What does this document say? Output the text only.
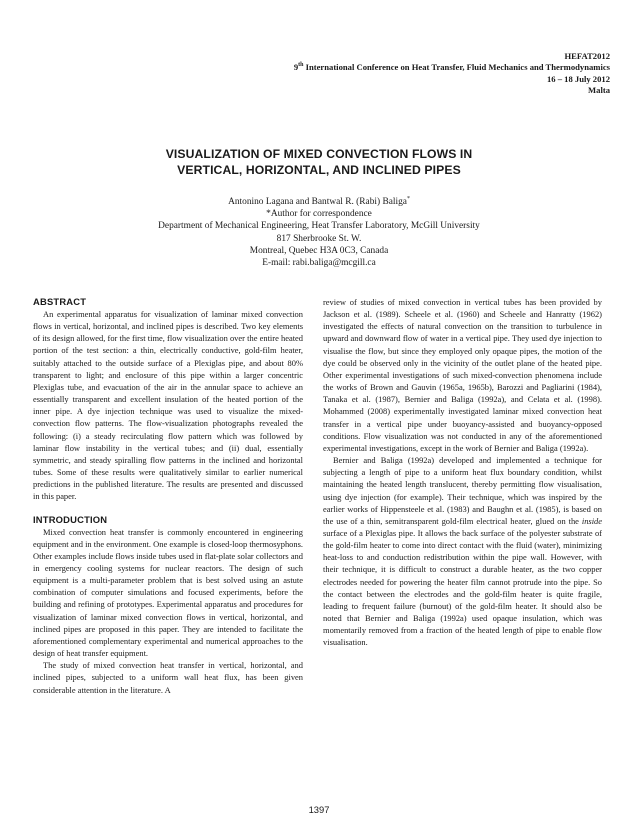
HEFAT2012
9th International Conference on Heat Transfer, Fluid Mechanics and Thermodynamics
16 – 18 July 2012
Malta
VISUALIZATION OF MIXED CONVECTION FLOWS IN
VERTICAL, HORIZONTAL, AND INCLINED PIPES
Antonino Lagana and Bantwal R. (Rabi) Baliga*
*Author for correspondence
Department of Mechanical Engineering, Heat Transfer Laboratory, McGill University
817 Sherbrooke St. W.
Montreal, Quebec H3A 0C3, Canada
E-mail: rabi.baliga@mcgill.ca
ABSTRACT

An experimental apparatus for visualization of laminar mixed convection flows in vertical, horizontal, and inclined pipes is described. Two key elements of its design allowed, for the first time, flow visualization over the entire heated portion of the test section: a thin, electrically conductive, gold-film heater, suitably attached to the outside surface of a Plexiglas pipe, and about 80% transparent to light; and enclosure of this pipe within a larger concentric Plexiglas tube, and evacuation of the air in the annular space to achieve an essentially transparent and excellent insulation of the heated portion of the inner pipe. A dye injection technique was used to visualize the mixed-convection flow patterns. The flow-visualization photographs revealed the following: (i) a steady recirculating flow pattern which was followed by laminar flow instability in the vertical tubes; and (ii) dual, essentially symmetric, and steady spiralling flow patterns in the inclined and horizontal tubes. Some of these results were qualitatively similar to earlier numerical predictions in the published literature. The results are presented and discussed in this paper.

INTRODUCTION

Mixed convection heat transfer is commonly encountered in engineering equipment and in the environment. One example is closed-loop thermosyphons. Other examples include flows inside tubes used in flat-plate solar collectors and in emergency cooling systems for nuclear reactors. The design of such equipment is a multi-parameter problem that is best solved using an astute combination of computer simulations and focused experiments, before the building and refining of prototypes. Experimental apparatus and procedures for visualization of laminar mixed convection flows in vertical, horizontal, and inclined pipes are proposed in this paper. They are intended to facilitate the aforementioned complementary experimental and numerical approaches to the design of heat transfer equipment.

The study of mixed convection heat transfer in vertical, horizontal, and inclined pipes, subjected to a uniform wall heat flux, has been given considerable attention in the literature. A

review of studies of mixed convection in vertical tubes has been provided by Jackson et al. (1989). Scheele et al. (1960) and Scheele and Hanratty (1962) investigated the effects of natural convection on the transition to turbulence in upward and downward flow of water in a vertical pipe. They used dye injection to visualise the flow, but since they employed only opaque pipes, the motion of the dye could be observed only in the vicinity of the outlet plane of the heated pipe. Other experimental investigations of such mixed-convection phenomena include the works of Brown and Gauvin (1965a, 1965b), Barozzi and Pagliarini (1984), Tanaka et al. (1987), Bernier and Baliga (1992a), and Celata et al. (1998). Mohammed (2008) experimentally investigated laminar mixed convection heat transfer in a vertical pipe under buoyancy-assisted and buoyancy-opposed conditions. Flow visualization was not conducted in any of the aforementioned experimental investigations, except in the work of Bernier and Baliga (1992a).

Bernier and Baliga (1992a) developed and implemented a technique for subjecting a length of pipe to a uniform heat flux boundary condition, whilst maintaining the heated length translucent, thereby permitting flow visualisation, using dye injection (for example). Their technique, which was inspired by the earlier works of Hippensteele et al. (1983) and Baughn et al. (1985), is based on the use of a thin, semitransparent gold-film electrical heater, glued on the inside surface of a Plexiglas pipe. It allows the back surface of the polyester substrate of the gold-film heater to come into direct contact with the fluid (water), minimizing heat-loss to and conduction redistribution within the pipe wall. However, with their technique, it is difficult to construct a durable heater, as the two copper electrodes needed for powering the heater film cannot protrude into the pipe. So the contact between the electrodes and the gold-film heater is quite fragile, leading to frequent failure (burnout) of the gold-film heater. It should also be noted that Bernier and Baliga (1992a) used opaque insulation, which was momentarily removed from a fraction of the heated length of pipe to enable flow visualisation.

1397
